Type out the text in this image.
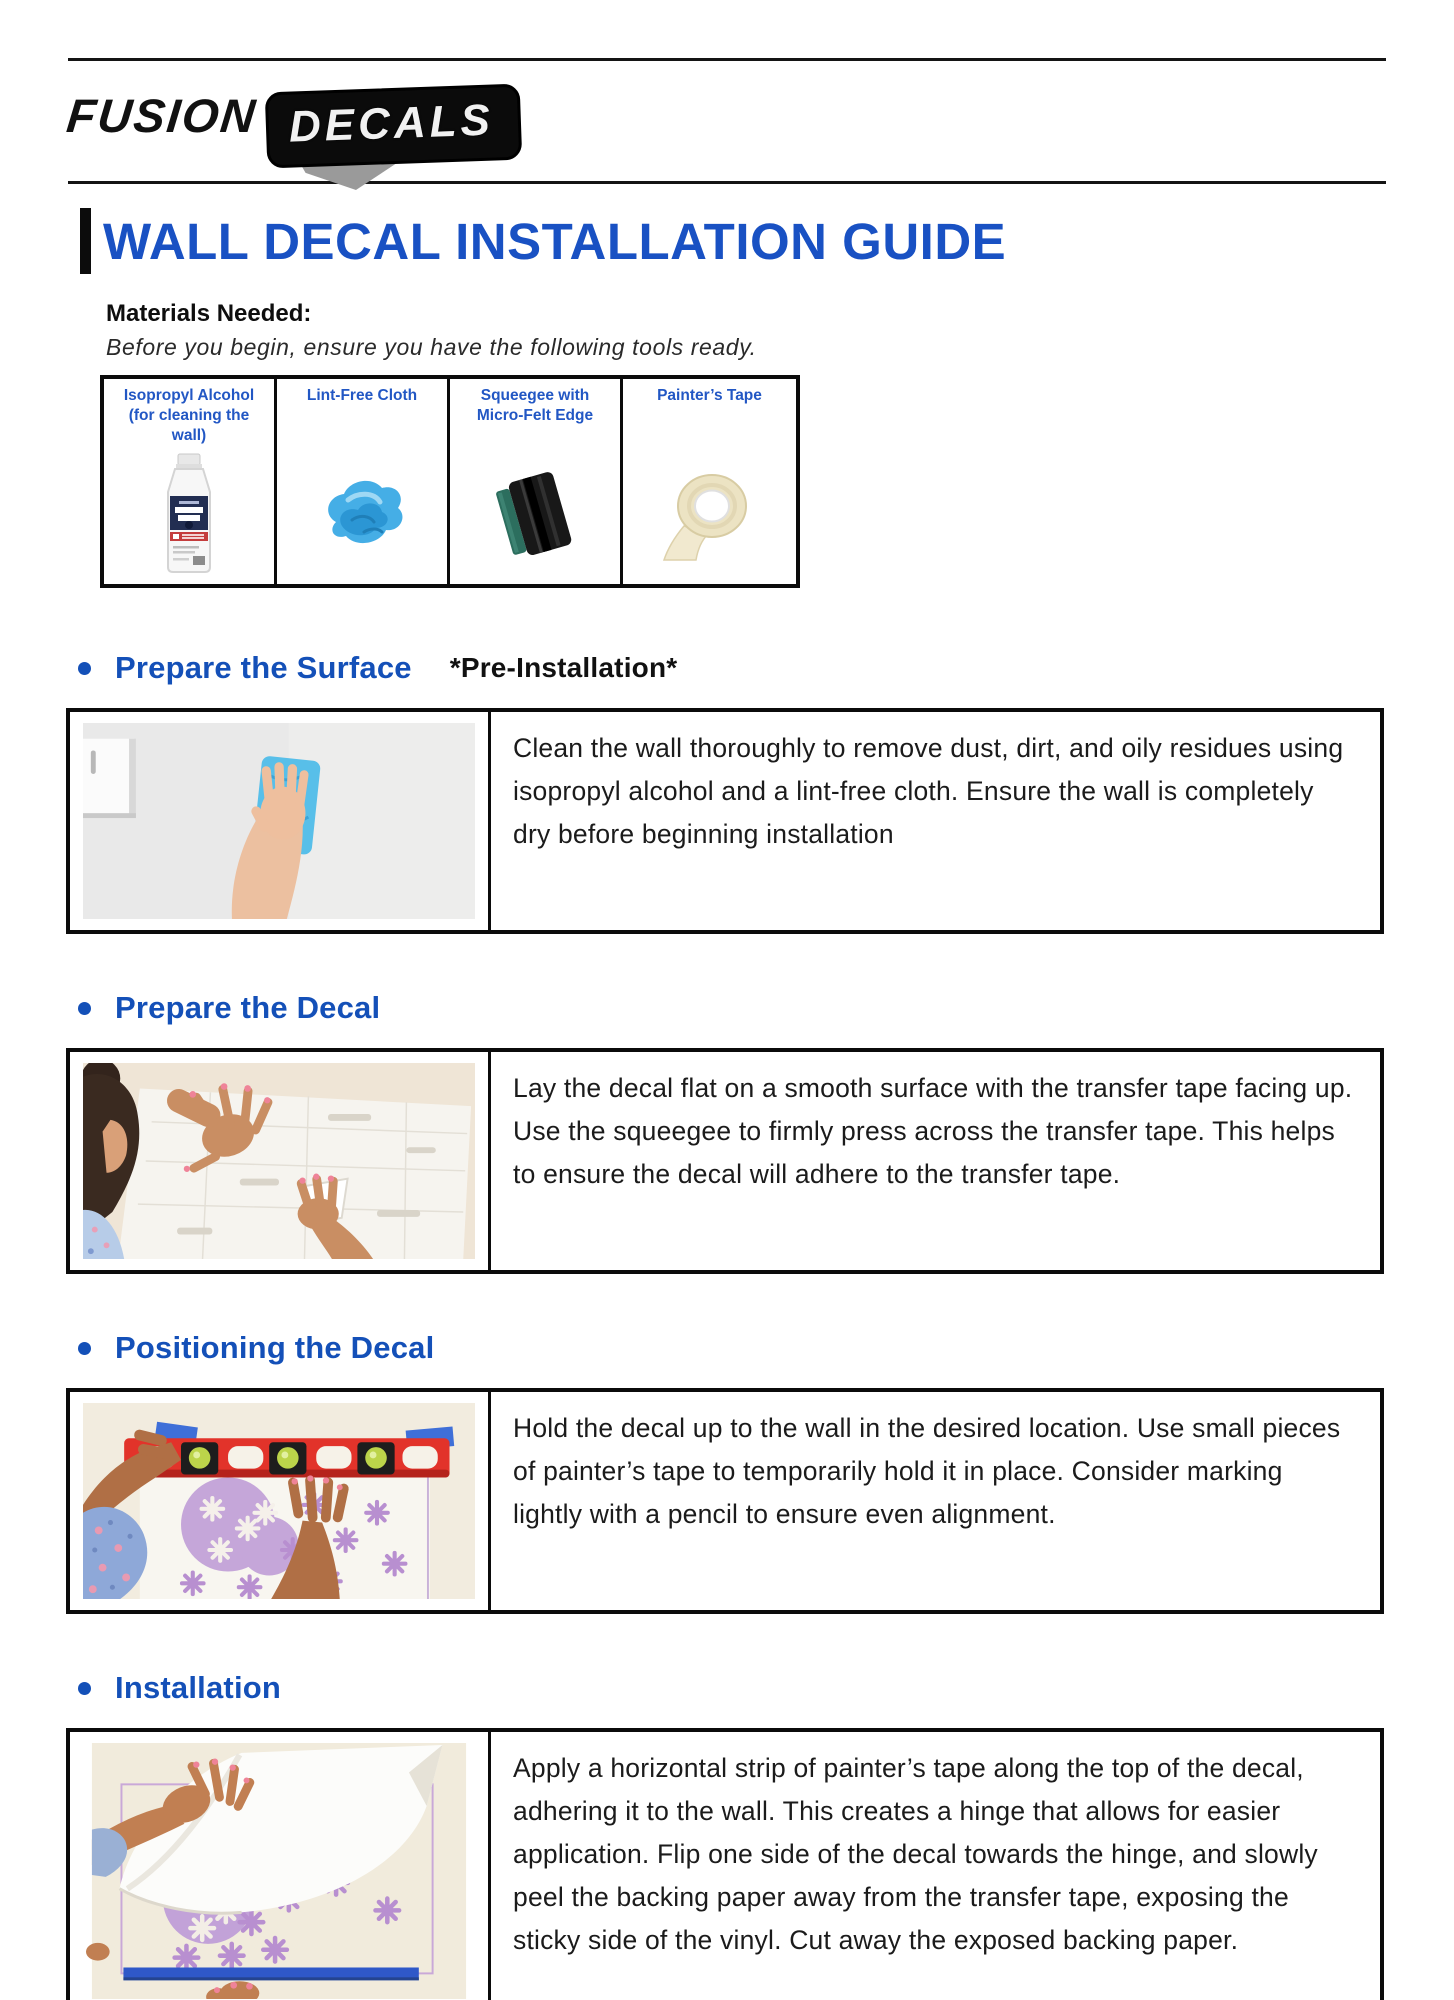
FUSION DECALS
WALL DECAL INSTALLATION GUIDE
Materials Needed:
Before you begin, ensure you have the following tools ready.
Isopropyl Alcohol (for cleaning the wall)
Lint-Free Cloth	Squeegee with Micro-Felt Edge
Painter’s Tape
Prepare the Surface *Pre-Installation*

Clean the wall thoroughly to remove dust, dirt, and oily residues using isopropyl alcohol and a lint-free cloth. Ensure the wall is completely dry before beginning installation

Prepare the Decal

Lay the decal flat on a smooth surface with the transfer tape facing up. Use the squeegee to firmly press across the transfer tape. This helps to ensure the decal will adhere to the transfer tape.

Positioning the Decal

Hold the decal up to the wall in the desired location. Use small pieces of painter’s tape to temporarily hold it in place. Consider marking lightly with a pencil to ensure even alignment.

Installation

Apply a horizontal strip of painter’s tape along the top of the decal, adhering it to the wall. This creates a hinge that allows for easier application. Flip one side of the decal towards the hinge, and slowly peel the backing paper away from the transfer tape, exposing the sticky side of the vinyl. Cut away the exposed backing paper.
